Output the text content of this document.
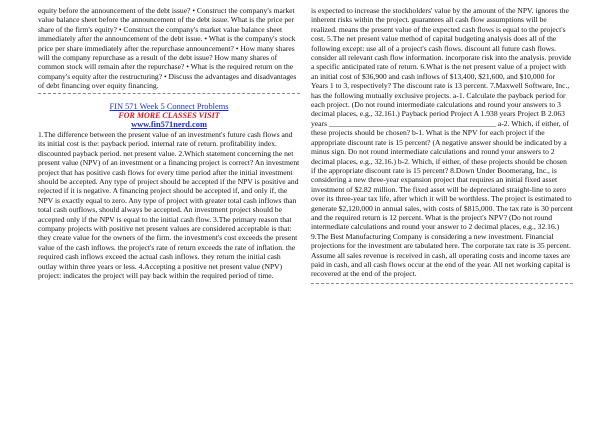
equity before the announcement of the debt issue? • Construct the company's market value balance sheet before the announcement of the debt issue. What is the price per share of the firm's equity? • Construct the company's market value balance sheet immediately after the announcement of the debt issue. • What is the company's stock price per share immediately after the repurchase announcement? • How many shares will the company repurchase as a result of the debt issue? How many shares of common stock will remain after the repurchase? • What is the required return on the company's equity after the restructuring? • Discuss the advantages and disadvantages of debt financing over equity financing.

FIN 571 Week 5 Connect Problems

FOR MORE CLASSES VISIT

www.fin571nerd.com

1.The difference between the present value of an investment's future cash flows and its initial cost is the: payback period. internal rate of return. profitability index. discounted payback period. net present value. 2.Which statement concerning the net present value (NPV) of an investment or a financing project is correct? An investment project that has positive cash flows for every time period after the initial investment should be accepted. Any type of project should be accepted if the NPV is positive and rejected if it is negative. A financing project should be accepted if, and only if, the NPV is exactly equal to zero. Any type of project with greater total cash inflows than total cash outflows, should always be accepted. An investment project should be accepted only if the NPV is equal to the initial cash flow. 3.The primary reason that company projects with positive net present values are considered acceptable is that: they create value for the owners of the firm. the investment's cost exceeds the present value of the cash inflows. the project's rate of return exceeds the rate of inflation. the required cash inflows exceed the actual cash inflows. they return the initial cash outlay within three years or less. 4.Accepting a positive net present value (NPV) project: indicates the project will pay back within the required period of time.

is expected to increase the stockholders' value by the amount of the NPV. ignores the inherent risks within the project. guarantees all cash flow assumptions will be realized. means the present value of the expected cash flows is equal to the project's cost. 5.The net present value method of capital budgeting analysis does all of the following except: use all of a project's cash flows. discount all future cash flows. consider all relevant cash flow information. incorporate risk into the analysis. provide a specific anticipated rate of return. 6.What is the net present value of a project with an initial cost of $36,900 and cash inflows of $13,400, $21,600, and $10,000 for Years 1 to 3, respectively? The discount rate is 13 percent. 7.Maxwell Software, Inc., has the following mutually exclusive projects. a-1. Calculate the payback period for each project. (Do not round intermediate calculations and round your answers to 3 decimal places, e.g., 32.161.) Payback period Project A 1.938 years Project B 2.063 years ____________________________________________ a-2. Which, if either, of these projects should be chosen? b-1. What is the NPV for each project if the appropriate discount rate is 15 percent? (A negative answer should be indicated by a minus sign. Do not round intermediate calculations and round your answers to 2 decimal places, e.g., 32.16.) b-2. Which, if either, of these projects should be chosen if the appropriate discount rate is 15 percent? 8.Down Under Boomerang, Inc., is considering a new three-year expansion project that requires an initial fixed asset investment of $2.82 million. The fixed asset will be depreciated straight-line to zero over its three-year tax life, after which it will be worthless. The project is estimated to generate $2,120,000 in annual sales, with costs of $815,000. The tax rate is 30 percent and the required return is 12 percent. What is the project's NPV? (Do not round intermediate calculations and round your answer to 2 decimal places, e.g., 32.16.) 9.The Best Manufacturing Company is considering a new investment. Financial projections for the investment are tabulated here. The corporate tax rate is 35 percent. Assume all sales revenue is received in cash, all operating costs and income taxes are paid in cash, and all cash flows occur at the end of the year. All net working capital is recovered at the end of the project.
